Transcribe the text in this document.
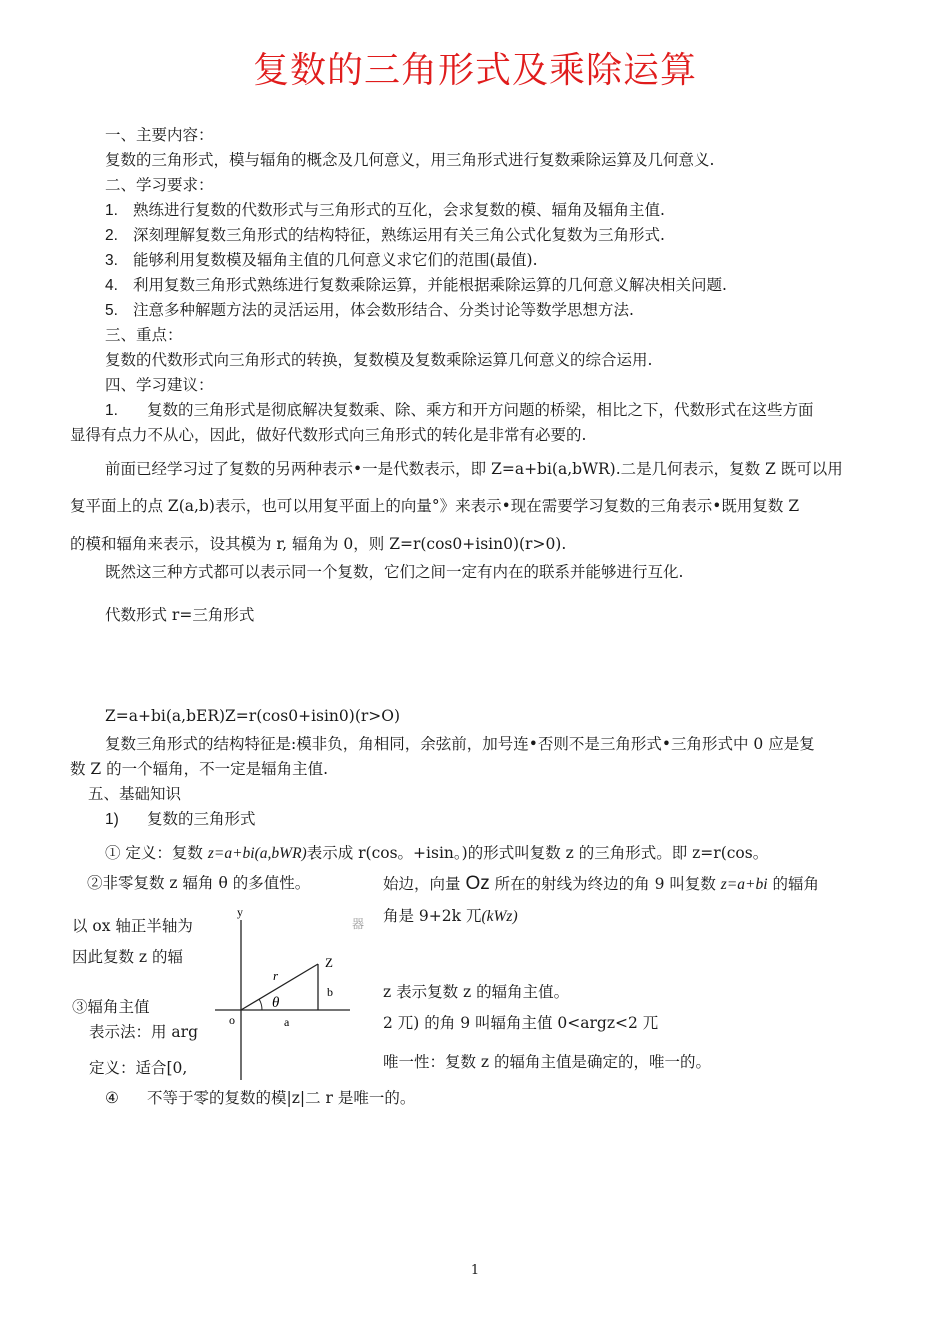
复数的三角形式及乘除运算
一、主要内容：
复数的三角形式，模与辐角的概念及几何意义，用三角形式进行复数乘除运算及几何意义.
二、学习要求：
1. 熟练进行复数的代数形式与三角形式的互化，会求复数的模、辐角及辐角主值.
2. 深刻理解复数三角形式的结构特征，熟练运用有关三角公式化复数为三角形式.
3. 能够利用复数模及辐角主值的几何意义求它们的范围(最值).
4. 利用复数三角形式熟练进行复数乘除运算，并能根据乘除运算的几何意义解决相关问题.
5. 注意多种解题方法的灵活运用，体会数形结合、分类讨论等数学思想方法.
三、重点：
复数的代数形式向三角形式的转换，复数模及复数乘除运算几何意义的综合运用.
四、学习建议：
1. 复数的三角形式是彻底解决复数乘、除、乘方和开方问题的桥梁，相比之下，代数形式在这些方面
显得有点力不从心，因此，做好代数形式向三角形式的转化是非常有必要的.
前面已经学习过了复数的另两种表示•一是代数表示，即 Z=a+bi(a,bWR).二是几何表示，复数 Z 既可以用
复平面上的点 Z(a,b)表示，也可以用复平面上的向量°》来表示•现在需要学习复数的三角表示•既用复数 Z
的模和辐角来表示，设其模为 r, 辐角为 0，则 Z=r(cos0+isin0)(r>0).
既然这三种方式都可以表示同一个复数，它们之间一定有内在的联系并能够进行互化.
代数形式 r=三角形式
Z=a+bi(a,bER)Z=r(cos0+isin0)(r>O)
复数三角形式的结构特征是:模非负，角相同，余弦前，加号连•否则不是三角形式•三角形式中 0 应是复
数 Z 的一个辐角，不一定是辐角主值.
五、基础知识
1) 复数的三角形式
① 定义：复数 z=a+bi(a,bWR)表示成 r(cos。+isin。)的形式叫复数 z 的三角形式。即 z=r(cos。
②非零复数 z 辐角 θ 的多值性。	始边，向量 Oz 所在的射线为终边的角 9 叫复数 z=a+bi 的辐角
角是 9+2k 兀(kWz)
以 ox 轴正半轴为
因此复数 z 的辐
③辐角主值
表示法：用 arg
定义：适合[0,
z 表示复数 z 的辐角主值。
2 兀) 的角 9 叫辐角主值 0<argz<2 兀
唯一性：复数 z 的辐角主值是确定的，唯一的。
器
y
Z
r
b
θ
o	a
x
④ 不等于零的复数的模|z|二 r 是唯一的。
1
